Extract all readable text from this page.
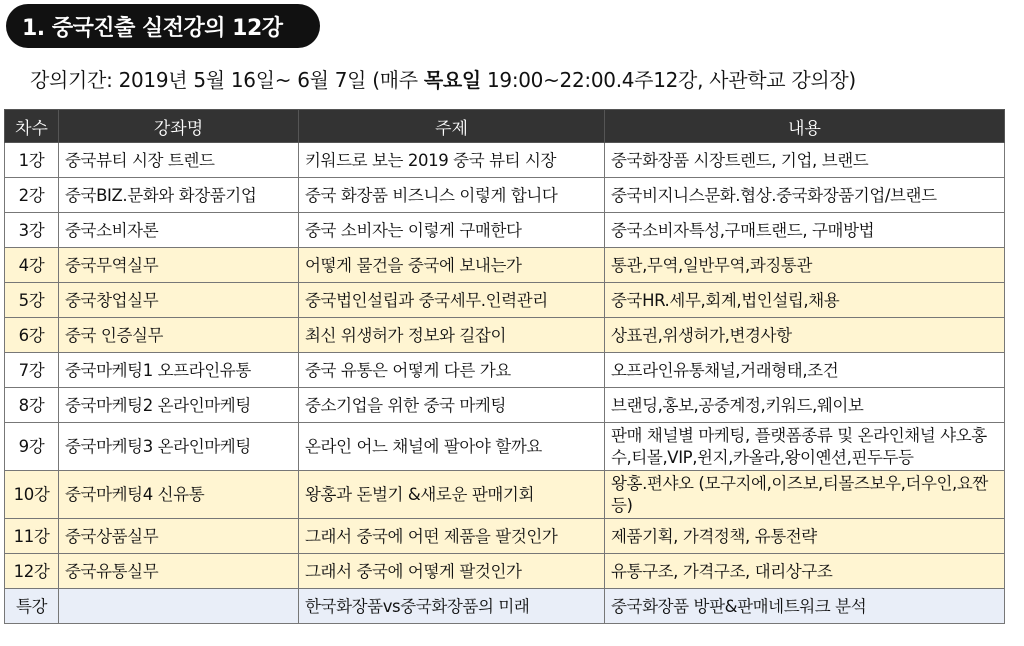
1. 중국진출 실전강의 12강
강의기간: 2019년 5월 16일~ 6월 7일 (매주 목요일 19:00~22:00.4주12강, 사관학교 강의장)
차수	강좌명	주제	내용
1강	중국뷰티 시장 트렌드	키워드로 보는 2019 중국 뷰티 시장	중국화장품 시장트렌드, 기업, 브랜드
2강	중국BIZ.문화와 화장품기업	중국 화장품 비즈니스 이렇게 합니다	중국비지니스문화.협상.중국화장품기업/브랜드
3강	중국소비자론	중국 소비자는 이렇게 구매한다	중국소비자특성,구매트랜드, 구매방법
4강	중국무역실무	어떻게 물건을 중국에 보내는가	통관,무역,일반무역,콰징통관
5강	중국창업실무	중국법인설립과 중국세무.인력관리	중국HR.세무,회계,법인설립,채용
6강	중국 인증실무	최신 위생허가 정보와 길잡이	상표권,위생허가,변경사항
7강	중국마케팅1 오프라인유통	중국 유통은 어떻게 다른 가요	오프라인유통채널,거래형태,조건
8강	중국마케팅2 온라인마케팅	중소기업을 위한 중국 마케팅	브랜딩,홍보,공중계정,키워드,웨이보
9강	중국마케팅3 온라인마케팅	온라인 어느 채널에 팔아야 할까요	판매 채널별 마케팅, 플랫폼종류 및 온라인채널 샤오홍수,티몰,VIP,윈지,카올라,왕이옌션,핀두두등
10강	중국마케팅4 신유통	왕홍과 돈벌기 &새로운 판매기회	왕홍.편샤오 (모구지에,이즈보,티몰즈보우,더우인,요짠등)
11강	중국상품실무	그래서 중국에 어떤 제품을 팔것인가	제품기획, 가격정책, 유통전략
12강	중국유통실무	그래서 중국에 어떻게 팔것인가	유통구조, 가격구조, 대리상구조
특강		한국화장품vs중국화장품의 미래	중국화장품 방판&판매네트워크 분석
